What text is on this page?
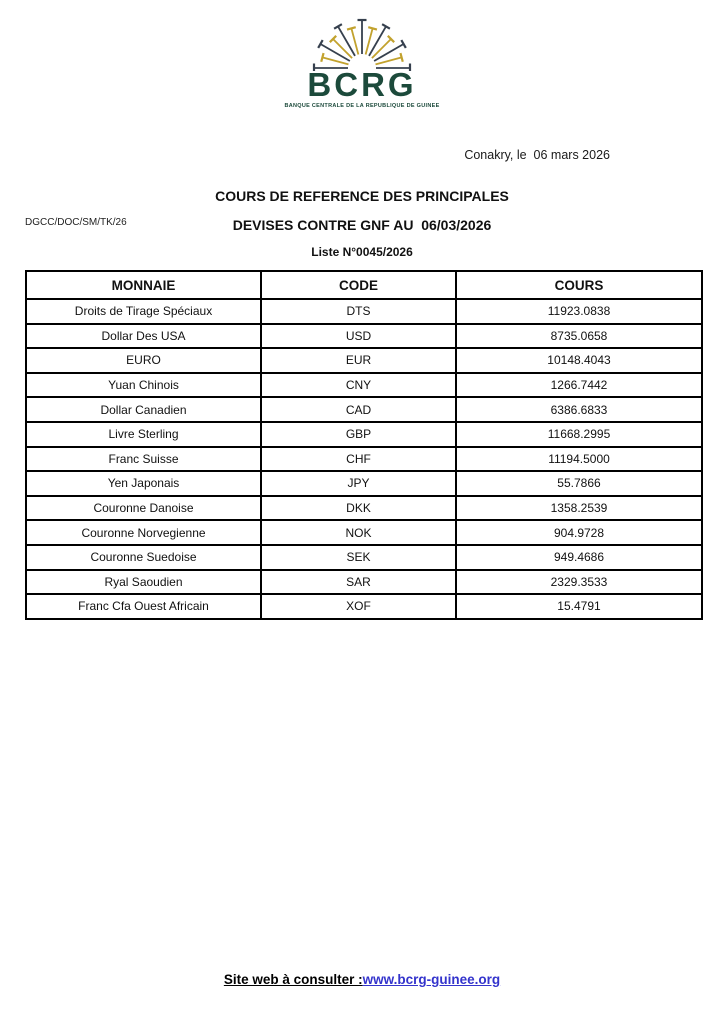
BCRG
BANQUE CENTRALE DE LA REPUBLIQUE DE GUINEE
Conakry, le  06 mars 2026
DGCC/DOC/SM/TK/26
COURS DE REFERENCE DES PRINCIPALES
DEVISES CONTRE GNF AU  06/03/2026
Liste N°0045/2026
MONNAIE	CODE	COURS
Droits de Tirage Spéciaux	DTS	11923.0838
Dollar Des USA	USD	8735.0658
EURO	EUR	10148.4043
Yuan Chinois	CNY	1266.7442
Dollar Canadien	CAD	6386.6833
Livre Sterling	GBP	11668.2995
Franc Suisse	CHF	11194.5000
Yen Japonais	JPY	55.7866
Couronne Danoise	DKK	1358.2539
Couronne Norvegienne	NOK	904.9728
Couronne Suedoise	SEK	949.4686
Ryal Saoudien	SAR	2329.3533
Franc Cfa Ouest Africain	XOF	15.4791
Site web à consulter :www.bcrg-guinee.org
